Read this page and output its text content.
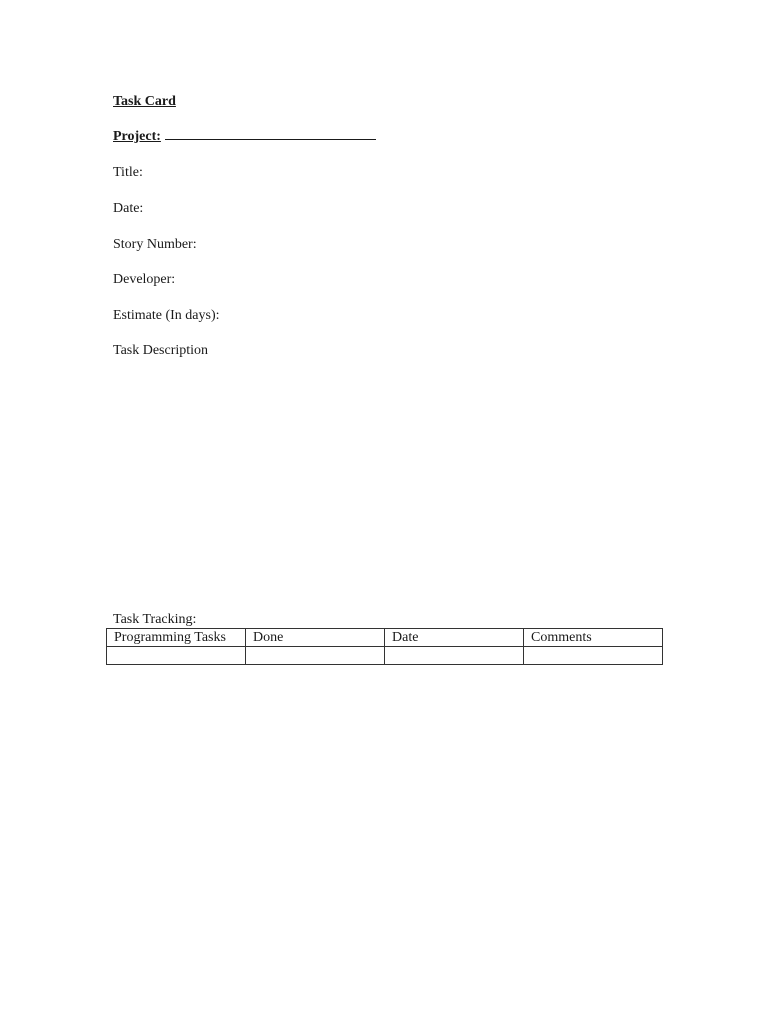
Task Card
Project:
Title:
Date:
Story Number:
Developer:
Estimate (In days):
Task Description
Task Tracking:
Programming Tasks	Done	Date	Comments
